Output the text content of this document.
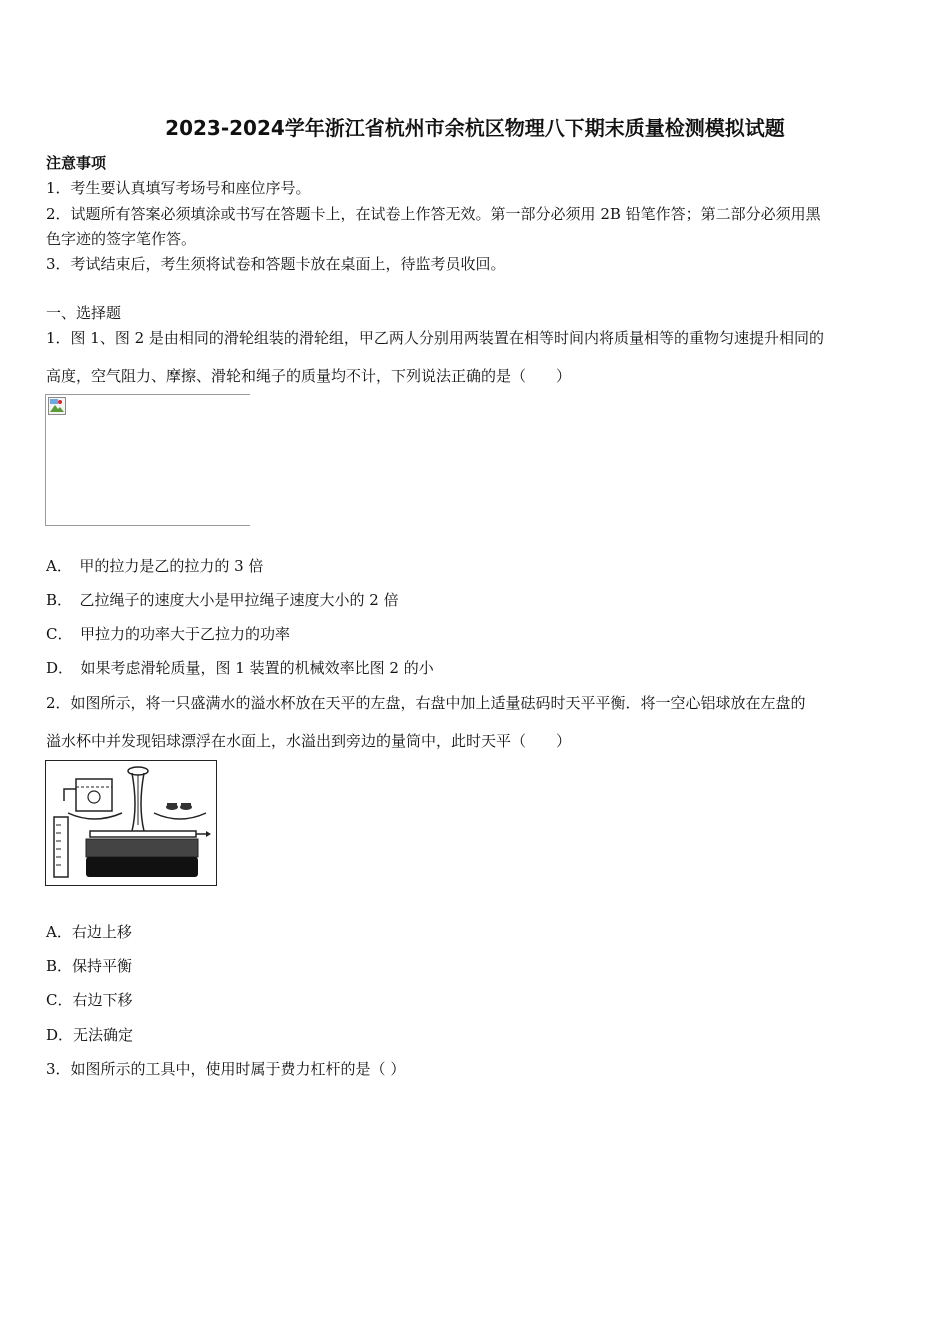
2023-2024学年浙江省杭州市余杭区物理八下期末质量检测模拟试题
注意事项
1．考生要认真填写考场号和座位序号。
2．试题所有答案必须填涂或书写在答题卡上，在试卷上作答无效。第一部分必须用 2B 铅笔作答；第二部分必须用黑
色字迹的签字笔作答。
3．考试结束后，考生须将试卷和答题卡放在桌面上，待监考员收回。
一、选择题
1．图 1、图 2 是由相同的滑轮组装的滑轮组，甲乙两人分别用两装置在相等时间内将质量相等的重物匀速提升相同的
高度，空气阻力、摩擦、滑轮和绳子的质量均不计，下列说法正确的是（　　）
A．　甲的拉力是乙的拉力的 3 倍
B．　乙拉绳子的速度大小是甲拉绳子速度大小的 2 倍
C．　甲拉力的功率大于乙拉力的功率
D．　如果考虑滑轮质量，图 1 装置的机械效率比图 2 的小
2．如图所示，将一只盛满水的溢水杯放在天平的左盘，右盘中加上适量砝码时天平平衡．将一空心铝球放在左盘的
溢水杯中并发现铝球漂浮在水面上，水溢出到旁边的量筒中，此时天平（　　）
A．右边上移
B．保持平衡
C．右边下移
D．无法确定
3．如图所示的工具中，使用时属于费力杠杆的是（ ）
